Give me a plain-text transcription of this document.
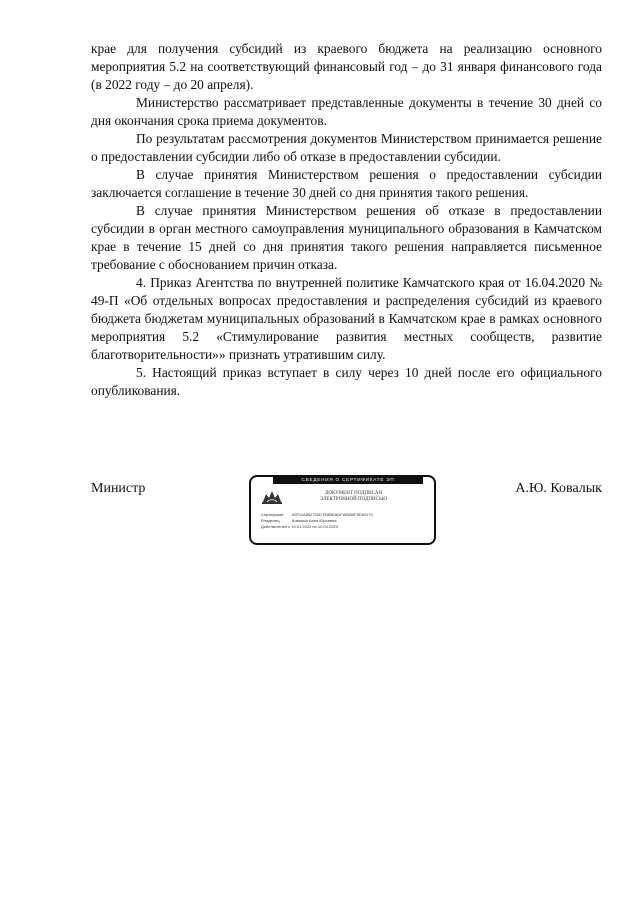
крае для получения субсидий из краевого бюджета на реализацию основного мероприятия 5.2 на соответствующий финансовый год – до 31 января финансового года (в 2022 году – до 20 апреля).

Министерство рассматривает представленные документы в течение 30 дней со дня окончания срока приема документов.

По результатам рассмотрения документов Министерством принимается решение о предоставлении субсидии либо об отказе в предоставлении субсидии.

В случае принятия Министерством решения о предоставлении субсидии заключается соглашение в течение 30 дней со дня принятия такого решения.

В случае принятия Министерством решения об отказе в предоставлении субсидии в орган местного самоуправления муниципального образования в Камчатском крае в течение 15 дней со дня принятия такого решения направляется письменное требование с обоснованием причин отказа.

4. Приказ Агентства по внутренней политике Камчатского края от 16.04.2020 № 49-П «Об отдельных вопросах предоставления и распределения субсидий из краевого бюджета бюджетам муниципальных образований в Камчатском крае в рамках основного мероприятия 5.2 «Стимулирование развития местных сообществ, развитие благотворительности»» признать утратившим силу.

5. Настоящий приказ вступает в силу через 10 дней после его официального опубликования.

Министр
СВЕДЕНИЯ О СЕРТИФИКАТЕ ЭП
ДОКУМЕНТ ПОДПИСАН
ЭЛЕКТРОННОЙ ПОДПИСЬЮ
Сертификат	00F11A852752DTE8BEADFWDB0F5D04170
Владелец	Ковалык Анна Юрьевна
Действителен с 10.01.2022 по 10.04.2023
А.Ю. Ковалык
